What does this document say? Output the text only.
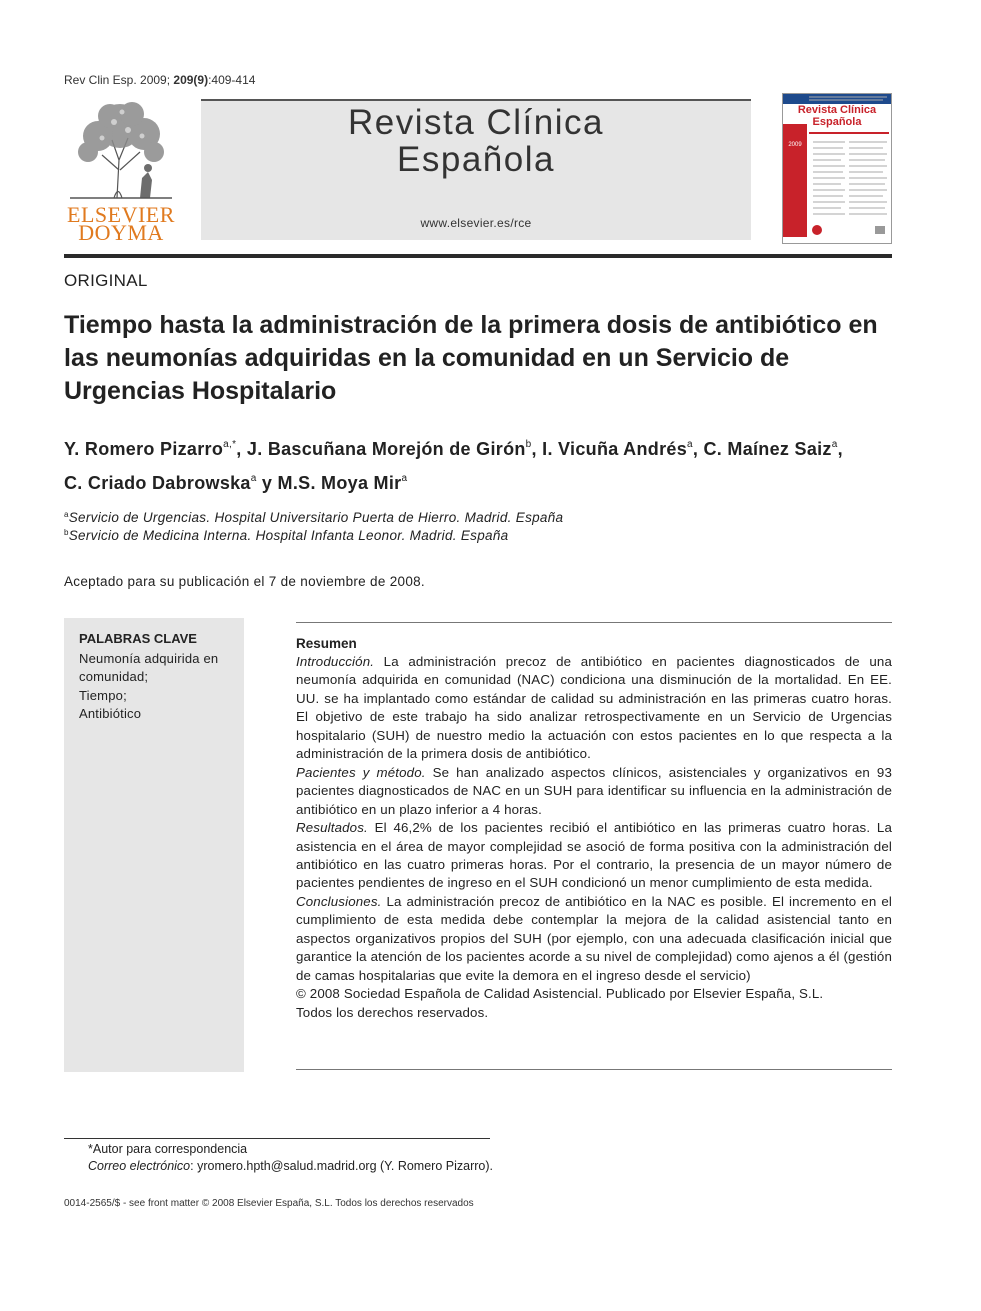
Rev Clin Esp. 2009; 209(9):409-414
ELSEVIER
DOYMA
Revista Clínica
Española
www.elsevier.es/rce
Revista Clínica
Española
2009
ORIGINAL
Tiempo hasta la administración de la primera dosis de antibiótico en las neumonías adquiridas en la comunidad en un Servicio de Urgencias Hospitalario
Y. Romero Pizarro$^{a,*}$, J. Bascuñana Morejón de Girón$^b$, I. Vicuña Andrés$^a$, C. Maínez Saiz$^a$, C. Criado Dabrowska$^a$ y M.S. Moya Mir$^a$
$^a$Servicio de Urgencias. Hospital Universitario Puerta de Hierro. Madrid. España
$^b$Servicio de Medicina Interna. Hospital Infanta Leonor. Madrid. España
Aceptado para su publicación el 7 de noviembre de 2008.
PALABRAS CLAVE
Neumonía adquirida en comunidad;
Tiempo;
Antibiótico
Resumen

Introducción. La administración precoz de antibiótico en pacientes diagnosticados de una neumonía adquirida en comunidad (NAC) condiciona una disminución de la mortalidad. En EE. UU. se ha implantado como estándar de calidad su administración en las primeras cuatro horas. El objetivo de este trabajo ha sido analizar retrospectivamente en un Servicio de Urgencias hospitalario (SUH) de nuestro medio la actuación con estos pacientes en lo que respecta a la administración de la primera dosis de antibiótico.

Pacientes y método. Se han analizado aspectos clínicos, asistenciales y organizativos en 93 pacientes diagnosticados de NAC en un SUH para identificar su influencia en la administración de antibiótico en un plazo inferior a 4 horas.

Resultados. El 46,2% de los pacientes recibió el antibiótico en las primeras cuatro horas. La asistencia en el área de mayor complejidad se asoció de forma positiva con la administración del antibiótico en las cuatro primeras horas. Por el contrario, la presencia de un mayor número de pacientes pendientes de ingreso en el SUH condicionó un menor cumplimiento de esta medida.

Conclusiones. La administración precoz de antibiótico en la NAC es posible. El incremento en el cumplimiento de esta medida debe contemplar la mejora de la calidad asistencial tanto en aspectos organizativos propios del SUH (por ejemplo, con una adecuada clasificación inicial que garantice la atención de los pacientes acorde a su nivel de complejidad) como ajenos a él (gestión de camas hospitalarias que evite la demora en el ingreso desde el servicio)

© 2008 Sociedad Española de Calidad Asistencial. Publicado por Elsevier España, S.L.
Todos los derechos reservados.

*Autor para correspondencia
Correo electrónico: yromero.hpth@salud.madrid.org (Y. Romero Pizarro).
0014-2565/$ - see front matter © 2008 Elsevier España, S.L. Todos los derechos reservados
